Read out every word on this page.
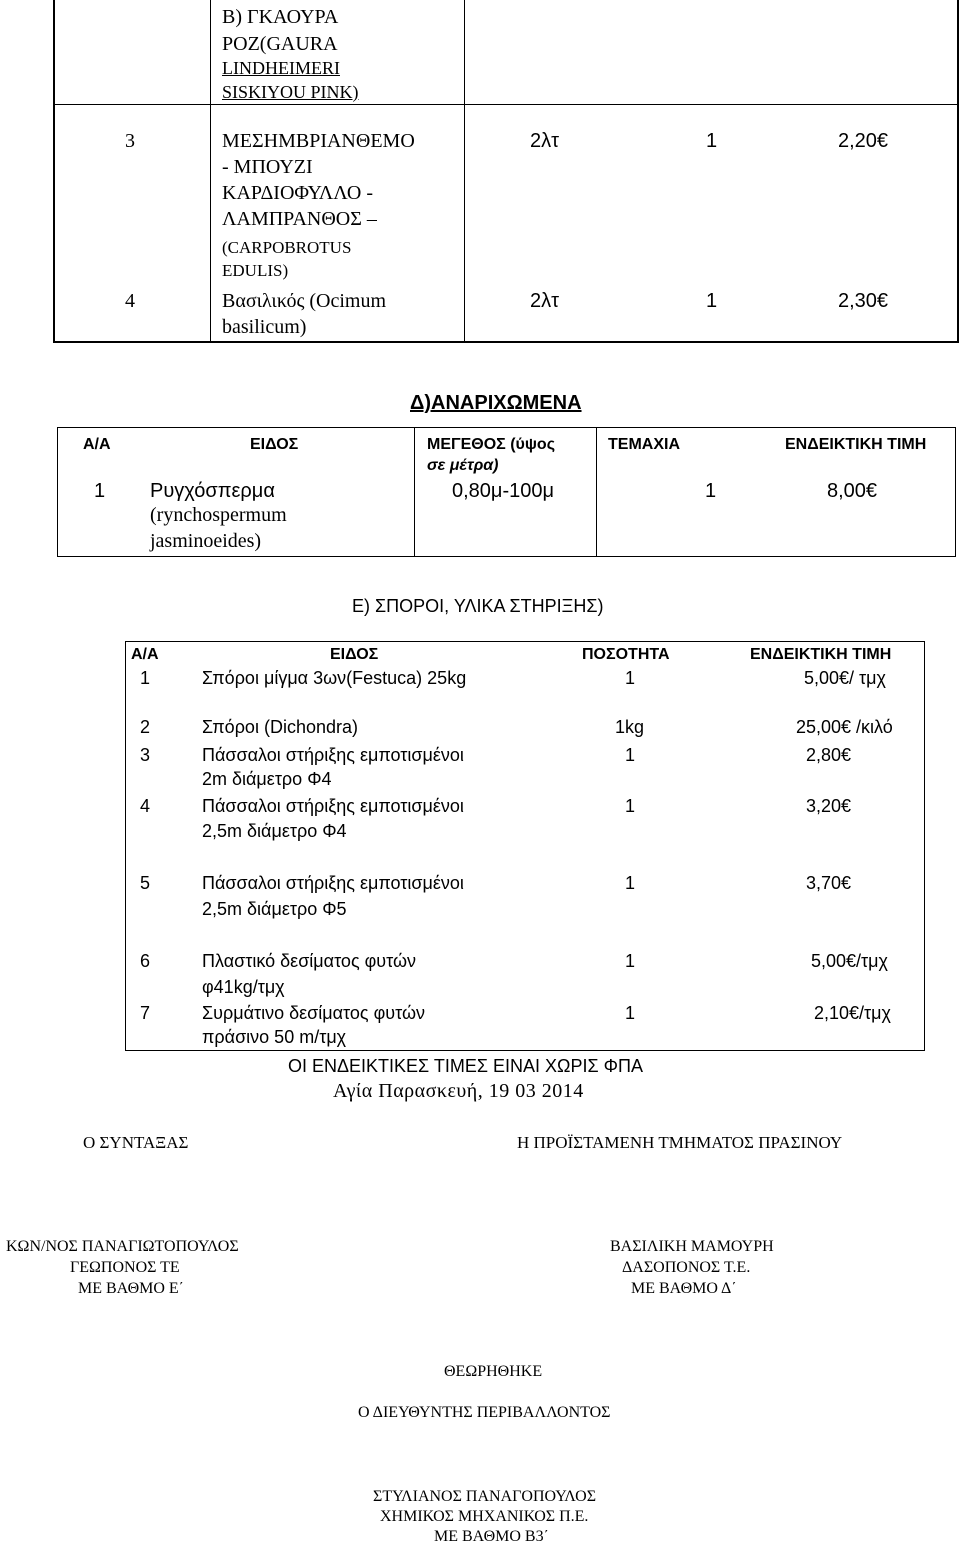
B) ΓΚΑΟΥΡΑ
ΡΟΖ(GAURA
LINDHEIMERI
SISKIYOU PINK)
3	ΜΕΣΗΜΒΡΙΑΝΘΕΜΟ
- ΜΠΟΥΖΙ
ΚΑΡΔΙΟΦΥΛΛΟ -
ΛΑΜΠΡΑΝΘΟΣ –
(CARPOBROTUS
EDULIS)
2λτ	1	2,20€
4	Βασιλικός (Ocimum
basilicum)
2λτ	1	2,30€
Δ)ΑΝΑΡΙΧΩΜΕΝΑ
Α/Α	ΕΙΔΟΣ	ΜΕΓΕΘΟΣ (ύψος
σε μέτρα)
ΤΕΜΑΧΙΑ	ΕΝΔΕΙΚΤΙΚΗ ΤΙΜΗ
1 Ρυγχόσπερμα
(rynchospermum
jasminoeides)
0,80μ-100μ	1	8,00€
Ε) ΣΠΟΡΟΙ, ΥΛΙΚΑ ΣΤΗΡΙΞΗΣ)
Α/Α	ΕΙΔΟΣ	ΠΟΣΟΤΗΤΑ	ΕΝΔΕΙΚΤΙΚΗ ΤΙΜΗ
1	Σπόροι μίγμα 3ων(Festuca) 25kg	1	5,00€/ τμχ
2	Σπόροι (Dichondra)	1kg	25,00€ /κιλό
3	Πάσσαλοι στήριξης εμποτισμένοι
2m διάμετρο Φ4
1	2,80€
4	Πάσσαλοι στήριξης εμποτισμένοι
2,5m διάμετρο Φ4
1	3,20€
5	Πάσσαλοι στήριξης εμποτισμένοι
2,5m διάμετρο Φ5
1	3,70€
6	Πλαστικό δεσίματος φυτών
φ41kg/τμχ
1	5,00€/τμχ
7	Συρμάτινο δεσίματος φυτών
πράσινο 50 m/τμχ
1	2,10€/τμχ
ΟΙ ΕΝΔΕΙΚΤΙΚΕΣ ΤΙΜΕΣ ΕΙΝΑΙ ΧΩΡΙΣ ΦΠΑ
Αγία Παρασκευή, 19 03 2014
Ο ΣΥΝΤΑΞΑΣ	Η ΠΡΟΪΣΤΑΜΕΝΗ ΤΜΗΜΑΤΟΣ ΠΡΑΣΙΝΟΥ
ΚΩΝ/ΝΟΣ ΠΑΝΑΓΙΩΤΟΠΟΥΛΟΣ
ΓΕΩΠΟΝΟΣ ΤΕ
ΜΕ ΒΑΘΜΟ Ε΄
ΒΑΣΙΛΙΚΗ ΜΑΜΟΥΡΗ
ΔΑΣΟΠΟΝΟΣ Τ.Ε.
ΜΕ ΒΑΘΜΟ Δ΄
ΘΕΩΡΗΘΗΚΕ
Ο ΔΙΕΥΘΥΝΤΗΣ ΠΕΡΙΒΑΛΛΟΝΤΟΣ
ΣΤΥΛΙΑΝΟΣ ΠΑΝΑΓΟΠΟΥΛΟΣ
ΧΗΜΙΚΟΣ ΜΗΧΑΝΙΚΟΣ Π.Ε.
ΜΕ ΒΑΘΜΟ Β3΄
